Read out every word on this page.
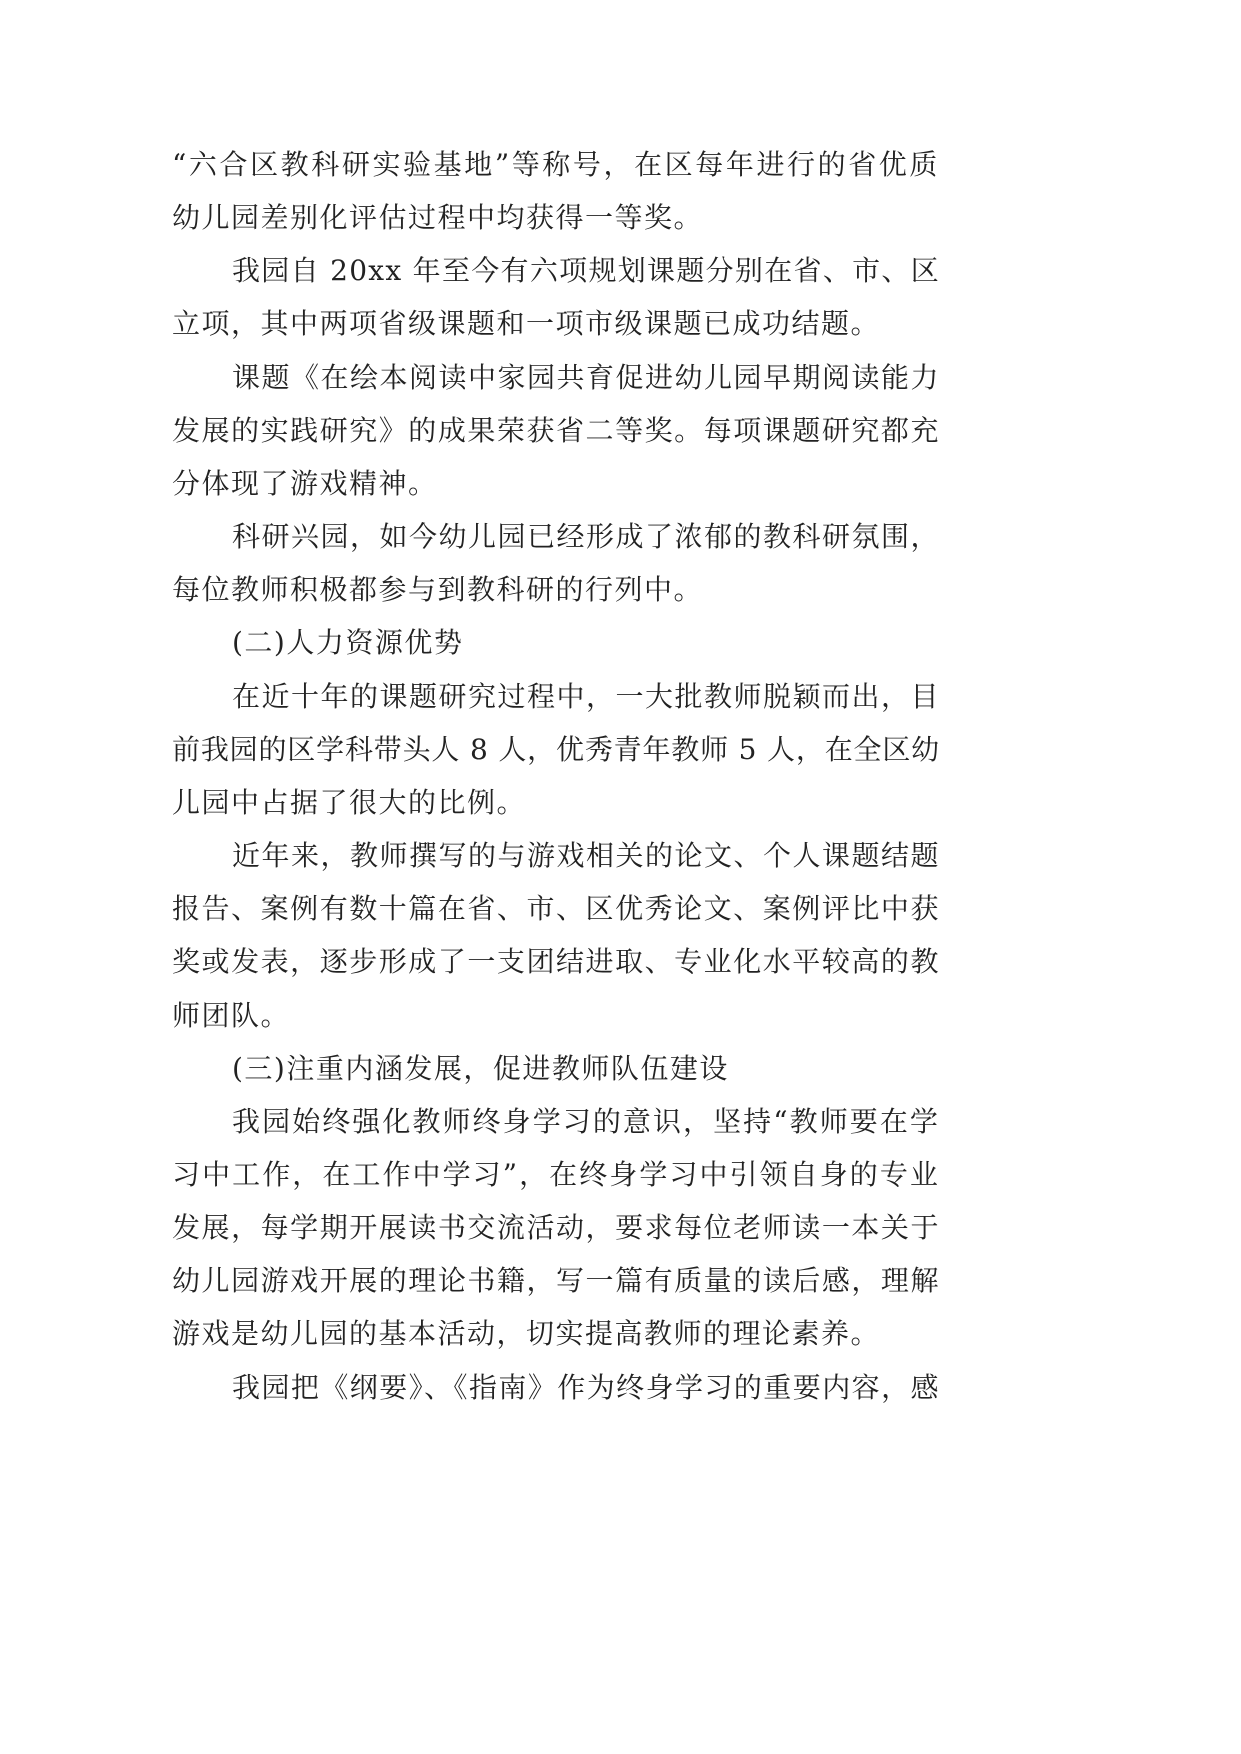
“六合区教科研实验基地”等称号，在区每年进行的省优质
幼儿园差别化评估过程中均获得一等奖。
我园自 20xx 年至今有六项规划课题分别在省、市、区
立项，其中两项省级课题和一项市级课题已成功结题。
课题《在绘本阅读中家园共育促进幼儿园早期阅读能力
发展的实践研究》的成果荣获省二等奖。每项课题研究都充
分体现了游戏精神。
科研兴园，如今幼儿园已经形成了浓郁的教科研氛围，
每位教师积极都参与到教科研的行列中。
(二)人力资源优势
在近十年的课题研究过程中，一大批教师脱颖而出，目
前我园的区学科带头人 8 人，优秀青年教师 5 人，在全区幼
儿园中占据了很大的比例。
近年来，教师撰写的与游戏相关的论文、个人课题结题
报告、案例有数十篇在省、市、区优秀论文、案例评比中获
奖或发表，逐步形成了一支团结进取、专业化水平较高的教
师团队。
(三)注重内涵发展，促进教师队伍建设
我园始终强化教师终身学习的意识，坚持“教师要在学
习中工作，在工作中学习”，在终身学习中引领自身的专业
发展，每学期开展读书交流活动，要求每位老师读一本关于
幼儿园游戏开展的理论书籍，写一篇有质量的读后感，理解
游戏是幼儿园的基本活动，切实提高教师的理论素养。
我园把《纲要》、《指南》作为终身学习的重要内容，感
